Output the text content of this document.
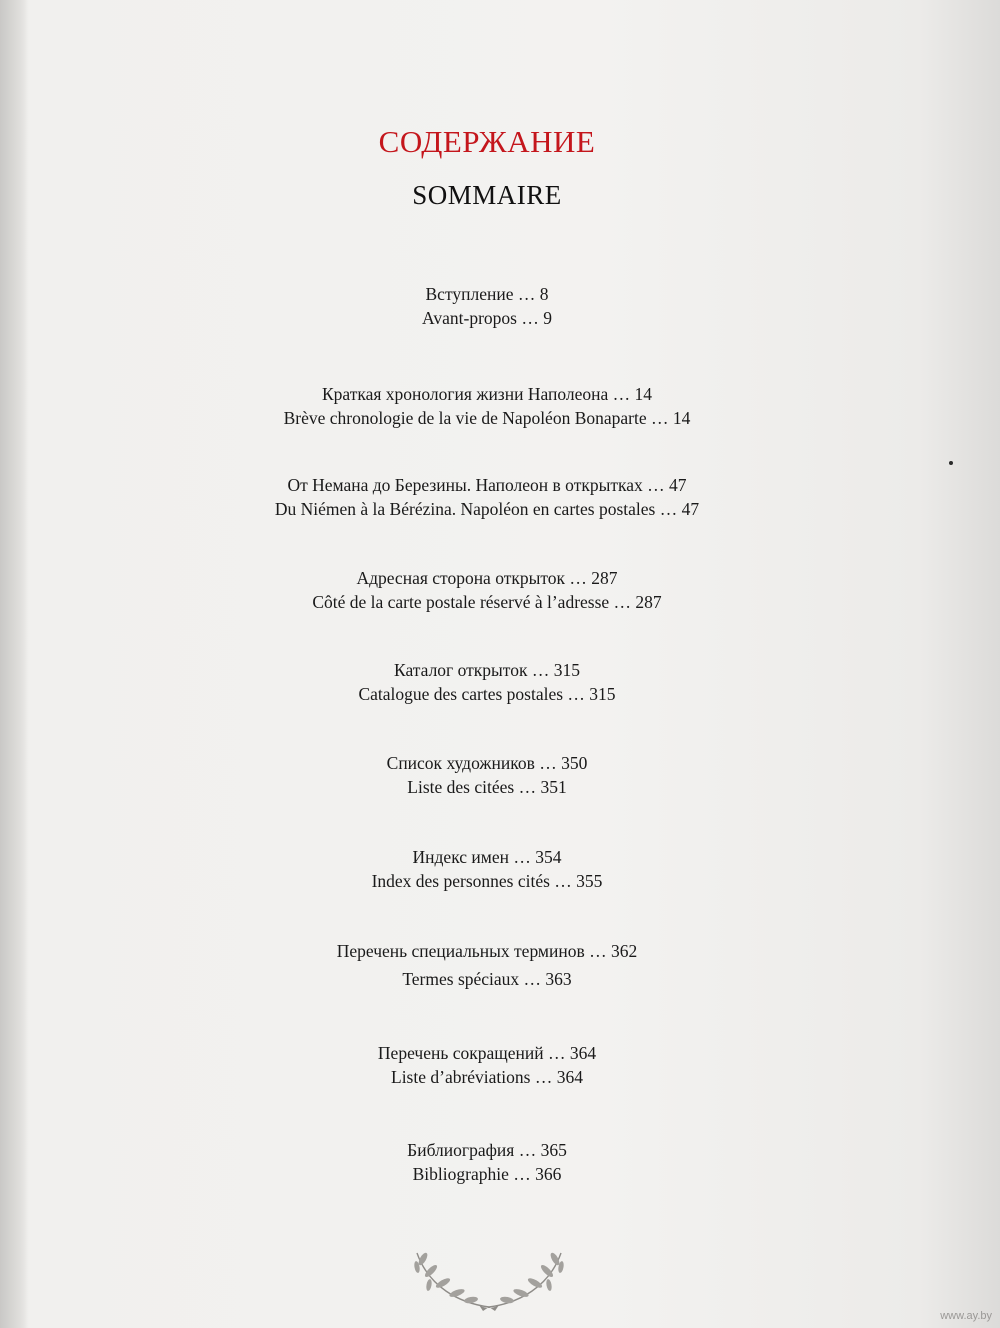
СОДЕРЖАНИЕ
SOMMAIRE
Вступление … 8
Avant-propos … 9
Краткая хронология жизни Наполеона … 14
Brève chronologie de la vie de Napoléon Bonaparte … 14
От Немана до Березины. Наполеон в открытках … 47
Du Niémen à la Bérézina. Napoléon en cartes postales … 47
Адресная сторона открыток … 287
Côté de la carte postale réservé à l’adresse … 287
Каталог открыток … 315
Catalogue des cartes postales … 315
Список художников … 350
Liste des citées … 351
Индекс имен … 354
Index des personnes cités … 355
Перечень специальных терминов … 362
Termes spéciaux … 363
Перечень сокращений … 364
Liste d’abréviations … 364
Библиография … 365
Bibliographie … 366
www.ay.by
